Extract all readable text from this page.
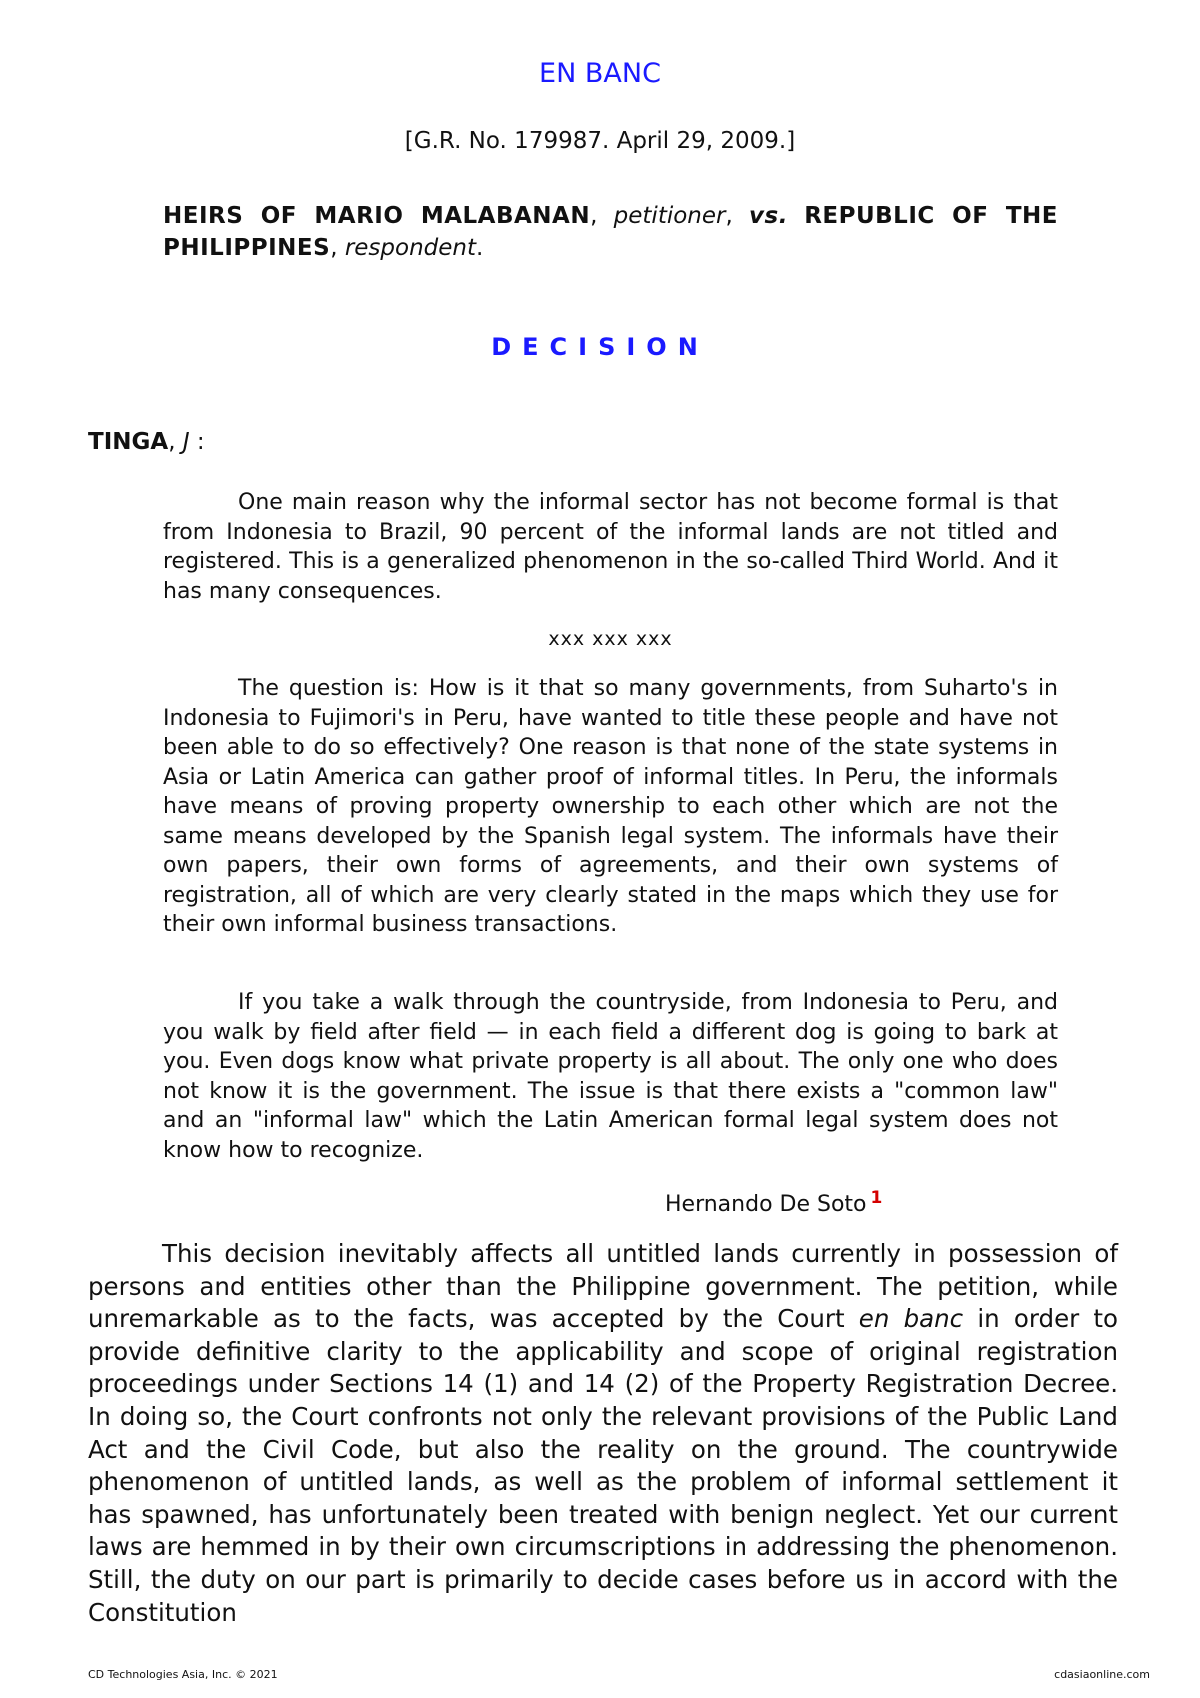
EN BANC

[G.R. No. 179987. April 29, 2009.]

HEIRS OF MARIO MALABANAN, petitioner, vs. REPUBLIC OF THE PHILIPPINES, respondent.

DECISION

TINGA, J :

One main reason why the informal sector has not become formal is that from Indonesia to Brazil, 90 percent of the informal lands are not titled and registered. This is a generalized phenomenon in the so-called Third World. And it has many consequences.

xxx xxx xxx

The question is: How is it that so many governments, from Suharto's in Indonesia to Fujimori's in Peru, have wanted to title these people and have not been able to do so effectively? One reason is that none of the state systems in Asia or Latin America can gather proof of informal titles. In Peru, the informals have means of proving property ownership to each other which are not the same means developed by the Spanish legal system. The informals have their own papers, their own forms of agreements, and their own systems of registration, all of which are very clearly stated in the maps which they use for their own informal business transactions.

If you take a walk through the countryside, from Indonesia to Peru, and you walk by field after field — in each field a different dog is going to bark at you. Even dogs know what private property is all about. The only one who does not know it is the government. The issue is that there exists a "common law" and an "informal law" which the Latin American formal legal system does not know how to recognize.

Hernando De Soto $^1$

This decision inevitably affects all untitled lands currently in possession of persons and entities other than the Philippine government. The petition, while unremarkable as to the facts, was accepted by the Court en banc in order to provide definitive clarity to the applicability and scope of original registration proceedings under Sections 14 (1) and 14 (2) of the Property Registration Decree. In doing so, the Court confronts not only the relevant provisions of the Public Land Act and the Civil Code, but also the reality on the ground. The countrywide phenomenon of untitled lands, as well as the problem of informal settlement it has spawned, has unfortunately been treated with benign neglect. Yet our current laws are hemmed in by their own circumscriptions in addressing the phenomenon. Still, the duty on our part is primarily to decide cases before us in accord with the Constitution

CD Technologies Asia, Inc. © 2021	cdasiaonline.com
